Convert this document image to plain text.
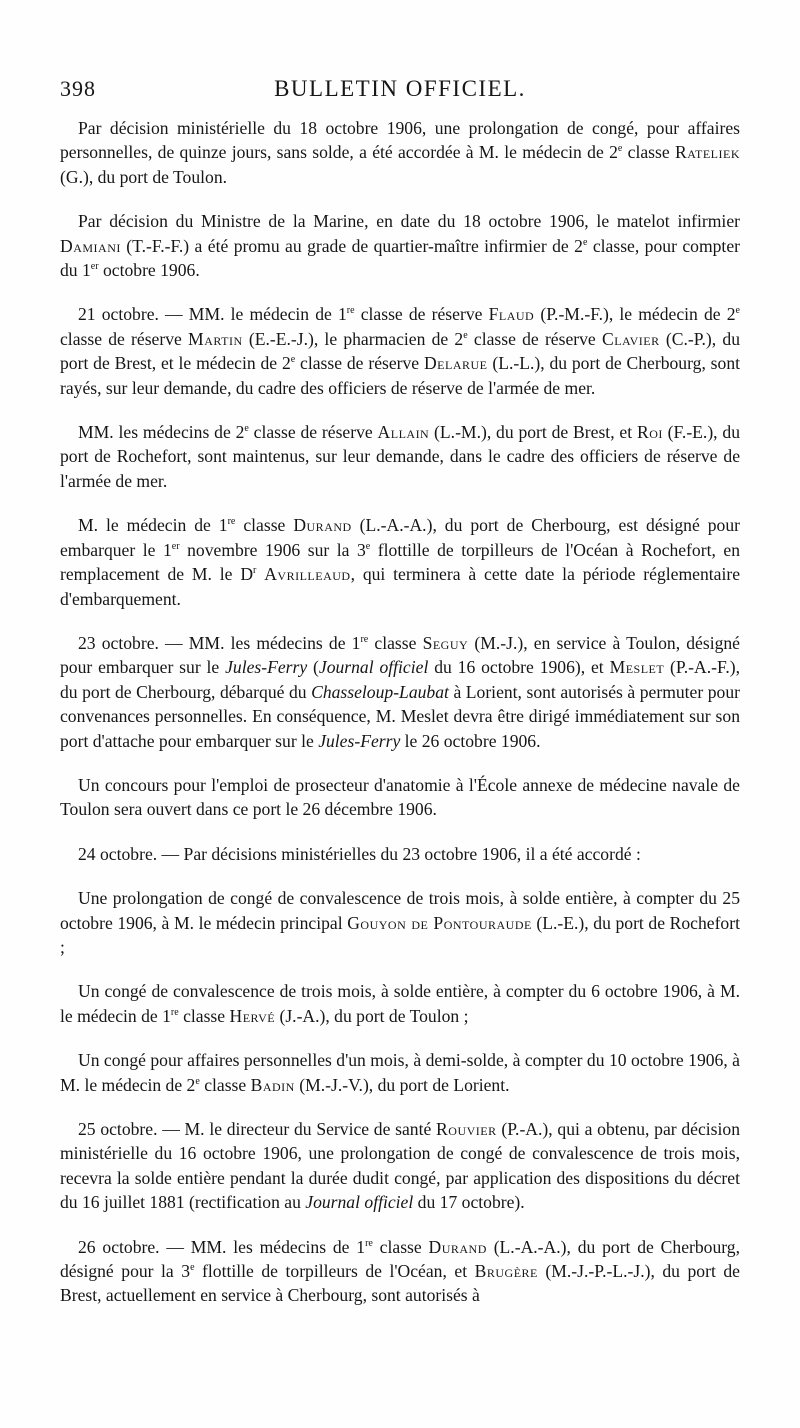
398	BULLETIN OFFICIEL.

Par décision ministérielle du 18 octobre 1906, une prolongation de congé, pour affaires personnelles, de quinze jours, sans solde, a été accordée à M. le médecin de 2e classe Rateliek (G.), du port de Toulon.

Par décision du Ministre de la Marine, en date du 18 octobre 1906, le matelot infirmier Damiani (T.-F.-F.) a été promu au grade de quartier-maître infirmier de 2e classe, pour compter du 1er octobre 1906.

21 octobre. — MM. le médecin de 1re classe de réserve Flaud (P.-M.-F.), le médecin de 2e classe de réserve Martin (E.-E.-J.), le pharmacien de 2e classe de réserve Clavier (C.-P.), du port de Brest, et le médecin de 2e classe de réserve Delarue (L.-L.), du port de Cherbourg, sont rayés, sur leur demande, du cadre des officiers de réserve de l'armée de mer.

MM. les médecins de 2e classe de réserve Allain (L.-M.), du port de Brest, et Roi (F.-E.), du port de Rochefort, sont maintenus, sur leur demande, dans le cadre des officiers de réserve de l'armée de mer.

M. le médecin de 1re classe Durand (L.-A.-A.), du port de Cherbourg, est désigné pour embarquer le 1er novembre 1906 sur la 3e flottille de torpilleurs de l'Océan à Rochefort, en remplacement de M. le $D^r$ Avrilleaud, qui terminera à cette date la période réglementaire d'embarquement.

23 octobre. — MM. les médecins de 1re classe Seguy (M.-J.), en service à Toulon, désigné pour embarquer sur le Jules-Ferry (Journal officiel du 16 octobre 1906), et Meslet (P.-A.-F.), du port de Cherbourg, débarqué du Chasseloup-Laubat à Lorient, sont autorisés à permuter pour convenances personnelles. En conséquence, M. Meslet devra être dirigé immédiatement sur son port d'attache pour embarquer sur le Jules-Ferry le 26 octobre 1906.

Un concours pour l'emploi de prosecteur d'anatomie à l'École annexe de médecine navale de Toulon sera ouvert dans ce port le 26 décembre 1906.

24 octobre. — Par décisions ministérielles du 23 octobre 1906, il a été accordé :

Une prolongation de congé de convalescence de trois mois, à solde entière, à compter du 25 octobre 1906, à M. le médecin principal Gouyon de Pontouraude (L.-E.), du port de Rochefort ;

Un congé de convalescence de trois mois, à solde entière, à compter du 6 octobre 1906, à M. le médecin de 1re classe Hervé (J.-A.), du port de Toulon ;

Un congé pour affaires personnelles d'un mois, à demi-solde, à compter du 10 octobre 1906, à M. le médecin de 2e classe Badin (M.-J.-V.), du port de Lorient.

25 octobre. — M. le directeur du Service de santé Rouvier (P.-A.), qui a obtenu, par décision ministérielle du 16 octobre 1906, une prolongation de congé de convalescence de trois mois, recevra la solde entière pendant la durée dudit congé, par application des dispositions du décret du 16 juillet 1881 (rectification au Journal officiel du 17 octobre).

26 octobre. — MM. les médecins de 1re classe Durand (L.-A.-A.), du port de Cherbourg, désigné pour la 3e flottille de torpilleurs de l'Océan, et Brugère (M.-J.-P.-L.-J.), du port de Brest, actuellement en service à Cherbourg, sont autorisés à
